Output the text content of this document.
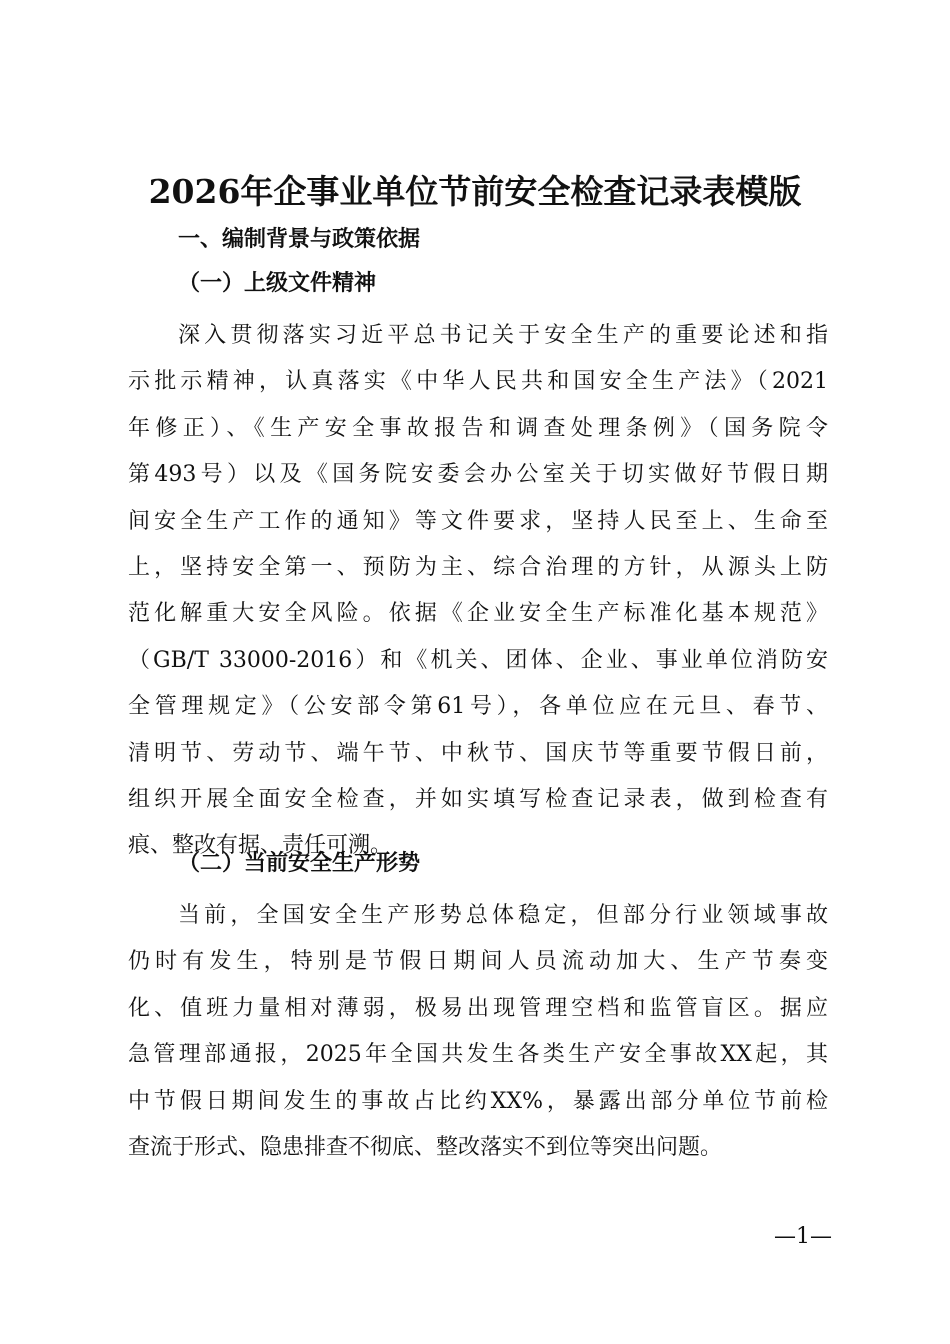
2026年企事业单位节前安全检查记录表模版
一、编制背景与政策依据
（一）上级文件精神
深入贯彻落实习近平总书记关于安全生产的重要论述和指
示批示精神，认真落实《中华人民共和国安全生产法》（2021
年修正）、《生产安全事故报告和调查处理条例》（国务院令
第493号）以及《国务院安委会办公室关于切实做好节假日期
间安全生产工作的通知》等文件要求，坚持人民至上、生命至
上，坚持安全第一、预防为主、综合治理的方针，从源头上防
范化解重大安全风险。依据《企业安全生产标准化基本规范》
（GB/T 33000-2016）和《机关、团体、企业、事业单位消防安
全管理规定》（公安部令第61号），各单位应在元旦、春节、
清明节、劳动节、端午节、中秋节、国庆节等重要节假日前，
组织开展全面安全检查，并如实填写检查记录表，做到检查有
痕、整改有据、责任可溯。
（二）当前安全生产形势
当前，全国安全生产形势总体稳定，但部分行业领域事故
仍时有发生，特别是节假日期间人员流动加大、生产节奏变
化、值班力量相对薄弱，极易出现管理空档和监管盲区。据应
急管理部通报，2025年全国共发生各类生产安全事故XX起，其
中节假日期间发生的事故占比约XX%，暴露出部分单位节前检
查流于形式、隐患排查不彻底、整改落实不到位等突出问题。
—1—
